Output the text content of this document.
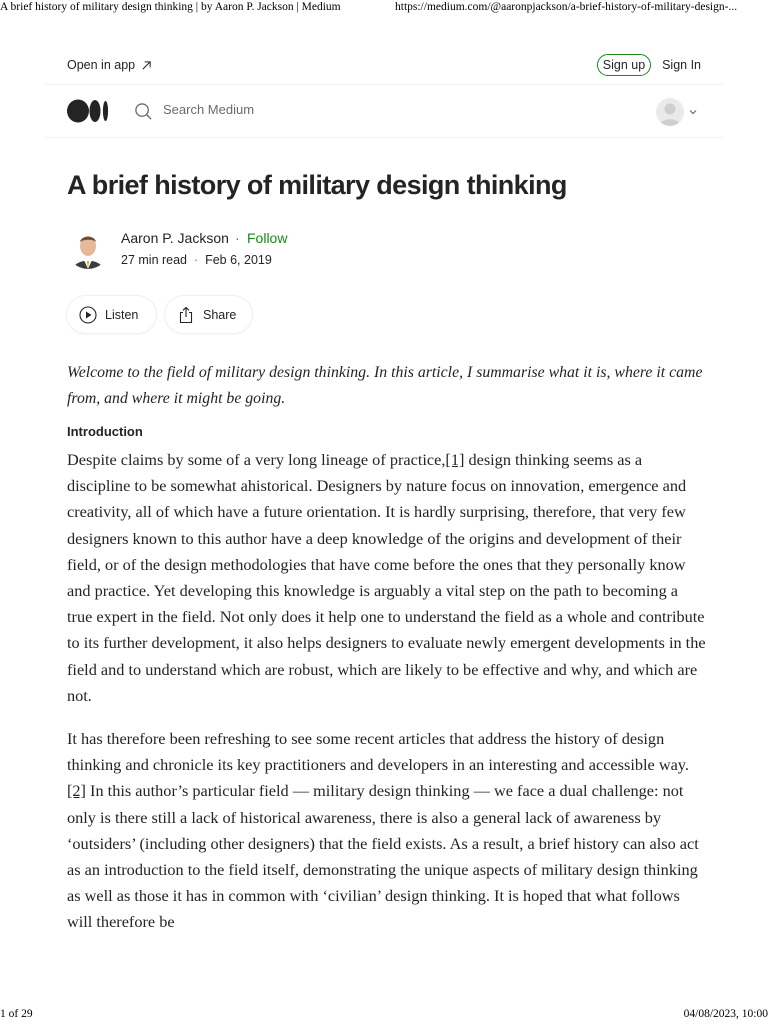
A brief history of military design thinking | by Aaron P. Jackson | Medium	https://medium.com/@aaronpjackson/a-brief-history-of-military-design-...
Open in app	Sign up Sign In
Search Medium
A brief history of military design thinking
Aaron P. Jackson · Follow
27 min read  ·  Feb 6, 2019
Listen	Share

Welcome to the field of military design thinking. In this article, I summarise what it is, where it came from, and where it might be going.

Introduction

Despite claims by some of a very long lineage of practice,[1] design thinking seems as a discipline to be somewhat ahistorical. Designers by nature focus on innovation, emergence and creativity, all of which have a future orientation. It is hardly surprising, therefore, that very few designers known to this author have a deep knowledge of the origins and development of their field, or of the design methodologies that have come before the ones that they personally know and practice. Yet developing this knowledge is arguably a vital step on the path to becoming a true expert in the field. Not only does it help one to understand the field as a whole and contribute to its further development, it also helps designers to evaluate newly emergent developments in the field and to understand which are robust, which are likely to be effective and why, and which are not.

It has therefore been refreshing to see some recent articles that address the history of design thinking and chronicle its key practitioners and developers in an interesting and accessible way.[2] In this author’s particular field — military design thinking — we face a dual challenge: not only is there still a lack of historical awareness, there is also a general lack of awareness by ‘outsiders’ (including other designers) that the field exists. As a result, a brief history can also act as an introduction to the field itself, demonstrating the unique aspects of military design thinking as well as those it has in common with ‘civilian’ design thinking. It is hoped that what follows will therefore be

1 of 29	04/08/2023, 10:00
